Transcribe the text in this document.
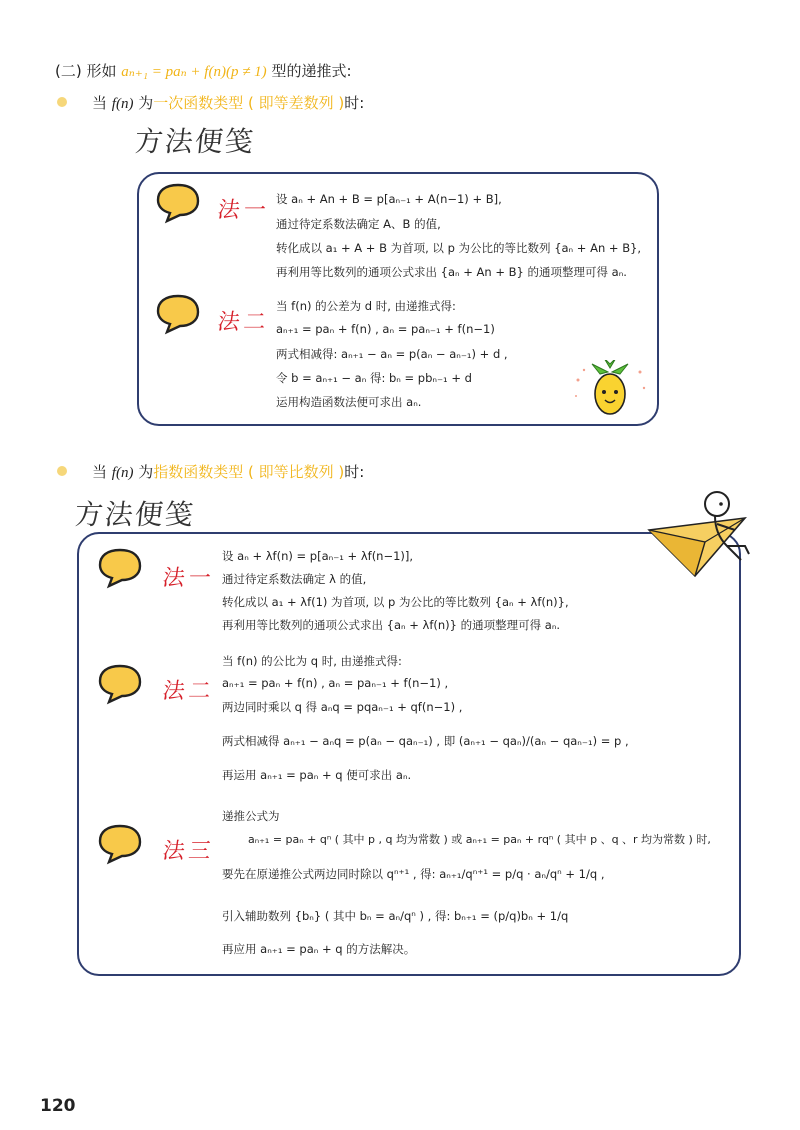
(二) 形如 aₙ₊₁ = paₙ + f(n)(p ≠ 1) 型的递推式:
当 f(n) 为一次函数类型 ( 即等差数列 )时:
方法便笺
法一 设 aₙ + An + B = p[aₙ₋₁ + A(n−1) + B],
通过待定系数法确定 A、B 的值,
转化成以 a₁ + A + B 为首项, 以 p 为公比的等比数列 {aₙ + An + B},
再利用等比数列的通项公式求出 {aₙ + An + B} 的通项整理可得 aₙ.
法二
当 f(n) 的公差为 d 时, 由递推式得:
aₙ₊₁ = paₙ + f(n) , aₙ = paₙ₋₁ + f(n−1)
两式相减得: aₙ₊₁ − aₙ = p(aₙ − aₙ₋₁) + d ,
令 b = aₙ₊₁ − aₙ 得: bₙ = pbₙ₋₁ + d
运用构造函数法便可求出 aₙ.
当 f(n) 为指数函数类型 ( 即等比数列 )时:
方法便笺
法一
设 aₙ + λf(n) = p[aₙ₋₁ + λf(n−1)],
通过待定系数法确定 λ 的值,
转化成以 a₁ + λf(1) 为首项, 以 p 为公比的等比数列 {aₙ + λf(n)},
再利用等比数列的通项公式求出 {aₙ + λf(n)} 的通项整理可得 aₙ.
法二
当 f(n) 的公比为 q 时, 由递推式得:
aₙ₊₁ = paₙ + f(n) , aₙ = paₙ₋₁ + f(n−1) ,
两边同时乘以 q 得 aₙq = pqaₙ₋₁ + qf(n−1) ,
两式相减得 aₙ₊₁ − aₙq = p(aₙ − qaₙ₋₁) , 即 (aₙ₊₁ − qaₙ)/(aₙ − qaₙ₋₁) = p ,
再运用 aₙ₊₁ = paₙ + q 便可求出 aₙ.
法三
递推公式为
aₙ₊₁ = paₙ + qⁿ ( 其中 p , q 均为常数 ) 或 aₙ₊₁ = paₙ + rqⁿ ( 其中 p 、q 、r 均为常数 ) 时,
要先在原递推公式两边同时除以 qⁿ⁺¹ , 得: aₙ₊₁/qⁿ⁺¹ = p/q · aₙ/qⁿ + 1/q ,
引入辅助数列 {bₙ} ( 其中 bₙ = aₙ/qⁿ ) , 得: bₙ₊₁ = (p/q)bₙ + 1/q
再应用 aₙ₊₁ = paₙ + q 的方法解决。
120
